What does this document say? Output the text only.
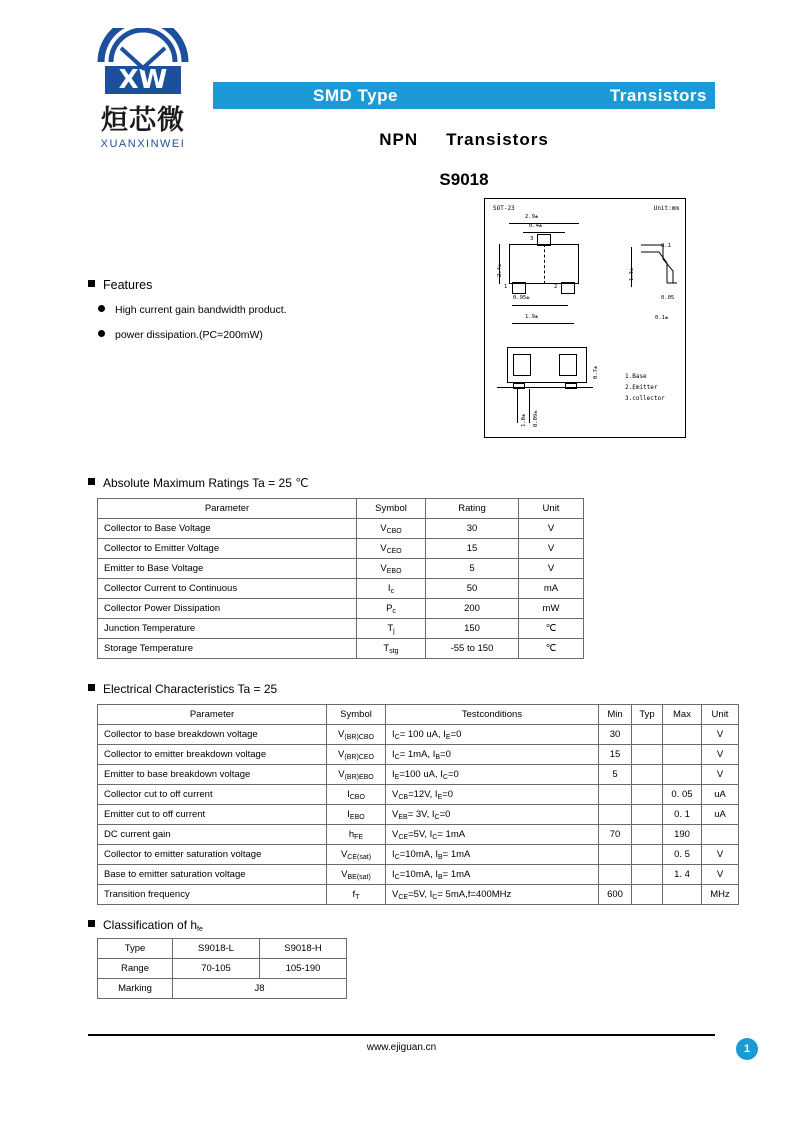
XW
烜芯微
XUANXINWEI
SMD Type	Transistors
NPN Transistors
S9018
Features
High current gain bandwidth product.
power dissipation.(PC=200mW)
SOT-23	Unit:mm
3
1	2
2.9±
0.4±
2.4±
0.95±
1.9±
1.3±
0.1
0.05
0.1±
0.7±
1.0± 0.09±
1.Base
2.Emitter
3.collector
Absolute Maximum Ratings Ta = 25 ℃
Parameter	Symbol	Rating	Unit
Collector to Base Voltage	$V_{CBO}$	30	V
Collector to Emitter Voltage	$V_{CEO}$	15	V
Emitter to Base Voltage	$V_{EBO}$	5	V
Collector Current to Continuous	$I_c$	50	mA
Collector Power Dissipation	$P_c$	200	mW
Junction Temperature	$T_j$	150	℃
Storage Temperature	$T_{stg}$	-55 to 150	℃
Electrical Characteristics Ta = 25
Parameter	Symbol	Testconditions	Min	Typ	Max	Unit
Collector to base breakdown voltage	$V_{(BR)CBO}$	$I_C= 100$ uA, $I_E=0$	30			V
Collector to emitter breakdown voltage	$V_{(BR)CEO}$	$I_C= 1mA$, $I_B=0$	15			V
Emitter to base breakdown voltage	$V_{(BR)EBO}$	$I_E=100$ uA, $I_C=0$	5			V
Collector cut to off current	$I_{CBO}$	$V_{CB}=12V$, $I_E=0$			0. 05	uA
Emitter cut to off current	$I_{EBO}$	$V_{EB}= 3V$, $I_C=0$			0. 1	uA
DC current gain	$h_{FE}$	$V_{CE}=5V$, $I_C= 1mA$	70		190	
Collector to emitter saturation voltage	$V_{CE(sat)}$	$I_C=10mA$, $I_B= 1mA$			0. 5	V
Base to emitter saturation voltage	$V_{BE(sat)}$	$I_C=10mA$, $I_B= 1mA$			1. 4	V
Transition frequency	$f_T$	$V_{CE}=5V$, $I_C= 5mA,f=400MHz$	600			MHz
Classification of $h_{fe}$
Type	S9018-L	S9018-H
Range	70-105	105-190
Marking	J8	
www.ejiguan.cn	1
